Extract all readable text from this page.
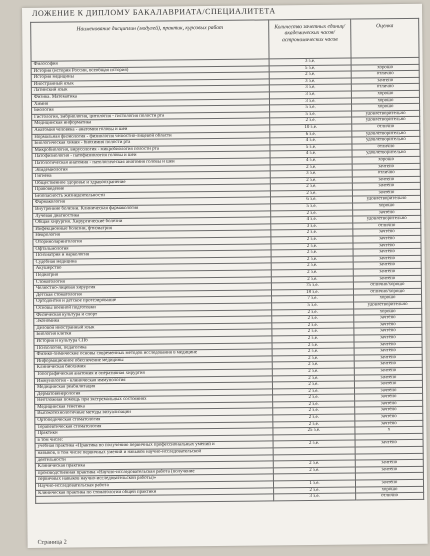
ЛОЖЕНИЕ К ДИПЛОМУ БАКАЛАВРИАТА/СПЕЦИАЛИТЕТА
Наименование дисциплин (модулей), практик, курсовых работ	Количество зачетных единиц/ академических часов/ астрономических часов	Оценка
Философия	3 з.е.	
История (история России, всеобщая история)	5 з.е.	хорошо
История медицины	2 з.е.	отлично
Иностранный язык	3 з.е.	зачтено
Латинский язык	3 з.е.	отлично
Физика. Математика	3 з.е.	хорошо
Химия	3 з.е.	хорошо
Биология	5 з.е.	хорошо
Гистология, эмбриология, цитология - гистология полости рта	5 з.е.	удовлетворительно
Медицинская информатика	2 з.е.	удовлетворительно
Анатомия человека - анатомия головы и шеи	10 з.е.	отлично
Нормальная физиология - физиология челюстно-лицевой области	6 з.е.	удовлетворительно
Биологическая химия - биохимия полости рта	4 з.е.	удовлетворительно
Микробиология, вирусология - микробиология полости рта	5 з.е.	отлично
Патофизиология - патофизиология головы и шеи	4 з.е.	удовлетворительно
Патологическая анатомия - патологическая анатомия головы и шеи	4 з.е.	хорошо
Эпидемиология	2 з.е.	зачтено
Гигиена	3 з.е.	отлично
Общественное здоровье и здравоохранение	2 з.е.	зачтено
Правоведение	2 з.е.	зачтено
Безопасность жизнедеятельности	2 з.е.	зачтено
Фармакология	6 з.е.	удовлетворительно
Внутренние болезни. Клиническая фармакология	5 з.е.	хорошо
Лучевая диагностика	2 з.е.	зачтено
Общая хирургия. Хирургические болезни	4 з.е.	удовлетворительно
Инфекционные болезни, фтизиатрия	3 з.е.	отлично
Неврология	2 з.е.	зачтено
Оториноларингология	2 з.е.	зачтено
Офтальмология	2 з.е.	зачтено
Психиатрия и наркология	2 з.е.	зачтено
Судебная медицина	2 з.е.	зачтено
Акушерство	2 з.е.	зачтено
Педиатрия	2 з.е.	зачтено
Стоматология	2 з.е.	зачтено
Челюстно-лицевая хирургия	75 з.е.	отлично/хорошо
Детская стоматология	18 з.е.	отлично/хорошо
Ортодонтия и детское протезирование	7 з.е.	хорошо
Основы военной подготовки	5 з.е.	удовлетворительно
Физическая культура и спорт	2 з.е.	хорошо
Экономика	2 з.е.	зачтено
Деловой иностранный язык	2 з.е.	зачтено
Биология клетки	2 з.е.	зачтено
История и культура СПб	2 з.е.	зачтено
Психология, педагогика	2 з.е.	зачтено
Физико-химические основы современных методов исследования в медицине	2 з.е.	зачтено
Информационное обеспечение медицины	2 з.е.	зачтено
Клиническая биохимия	2 з.е.	зачтено
Топографическая анатомия и оперативная хирургия	2 з.е.	зачтено
Иммунология - клиническая иммунология	2 з.е.	зачтено
Медицинская реабилитация	2 з.е.	зачтено
Дерматовенерология	2 з.е.	зачтено
Неотложная помощь при экстремальных состояниях	2 з.е.	зачтено
Медицинская генетика	2 з.е.	зачтено
Высокотехнологичные методы визуализации	2 з.е.	зачтено
Ортопедическая стоматология	2 з.е.	зачтено
Терапевтическая стоматология	2 з.е.	зачтено
Практики	25 з.е.	х
в том числе:		
учебная практика «Практика по получению первичных профессиональных умений и	2 з.е.	зачтено
навыков, в том числе первичных умений и навыков научно-исследовательской		
деятельности		
Клиническая практика	2 з.е.	зачтено
производственная практика «Научно-исследовательская работа (получение	2 з.е.	зачтено
первичных навыков научно-исследовательской работы)»		
Научно-исследовательская работа	1 з.е.	зачтено
Клиническая практика по стоматологии общей практики	2 з.е.	хорошо
	3 з.е.	отлично
Страница 2
